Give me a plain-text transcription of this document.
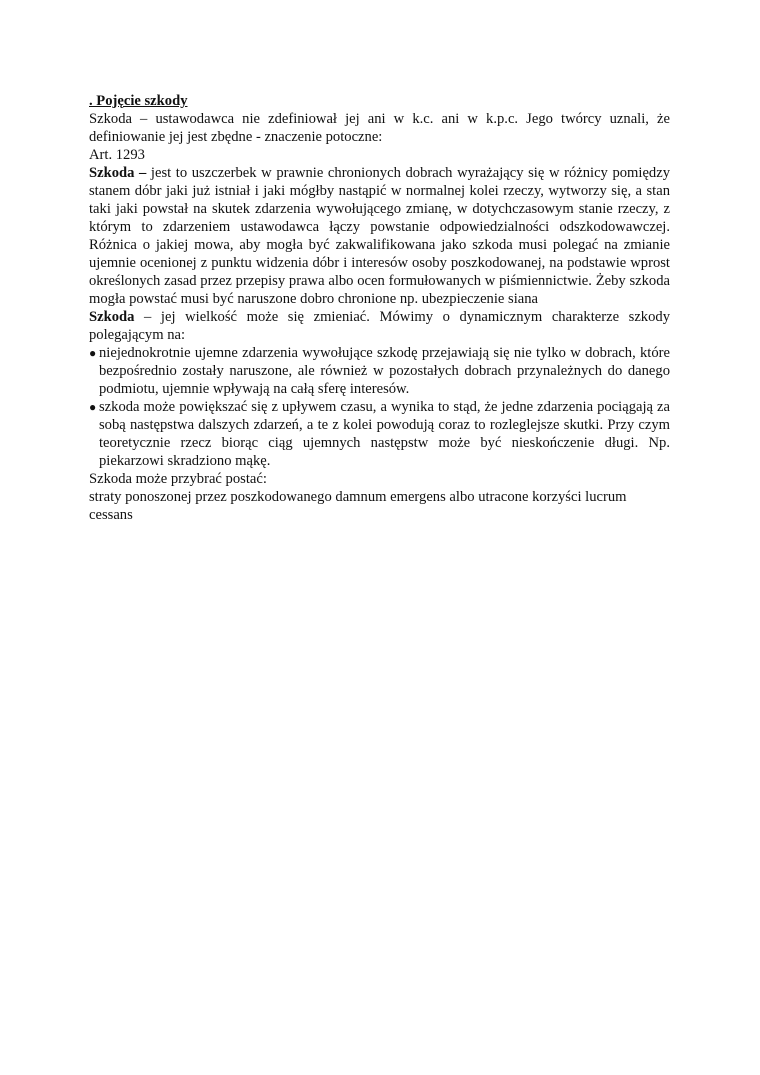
. Pojęcie szkody

Szkoda – ustawodawca nie zdefiniował jej ani w k.c. ani w k.p.c. Jego twórcy uznali, że definiowanie jej jest zbędne - znaczenie potoczne:

Art. 1293

Szkoda – jest to uszczerbek w prawnie chronionych dobrach wyrażający się w różnicy pomiędzy stanem dóbr jaki już istniał i jaki mógłby nastąpić w normalnej kolei rzeczy, wytworzy się, a stan taki jaki powstał na skutek zdarzenia wywołującego zmianę, w dotychczasowym stanie rzeczy, z którym to zdarzeniem ustawodawca łączy powstanie odpowiedzialności odszkodowawczej. Różnica o jakiej mowa, aby mogła być zakwalifikowana jako szkoda musi polegać na zmianie ujemnie ocenionej z punktu widzenia dóbr i interesów osoby poszkodowanej, na podstawie wprost określonych zasad przez przepisy prawa albo ocen formułowanych w piśmiennictwie. Żeby szkoda mogła powstać musi być naruszone dobro chronione np. ubezpieczenie siana

Szkoda – jej wielkość może się zmieniać. Mówimy o dynamicznym charakterze szkody polegającym na:

● niejednokrotnie ujemne zdarzenia wywołujące szkodę przejawiają się nie tylko w dobrach, które bezpośrednio zostały naruszone, ale również w pozostałych dobrach przynależnych do danego podmiotu, ujemnie wpływają na całą sferę interesów.
● szkoda może powiększać się z upływem czasu, a wynika to stąd, że jedne zdarzenia pociągają za sobą następstwa dalszych zdarzeń, a te z kolei powodują coraz to rozleglejsze skutki. Przy czym teoretycznie rzecz biorąc ciąg ujemnych następstw może być nieskończenie długi. Np. piekarzowi skradziono mąkę.

Szkoda może przybrać postać:

straty ponoszonej przez poszkodowanego damnum emergens albo utracone korzyści lucrum cessans
